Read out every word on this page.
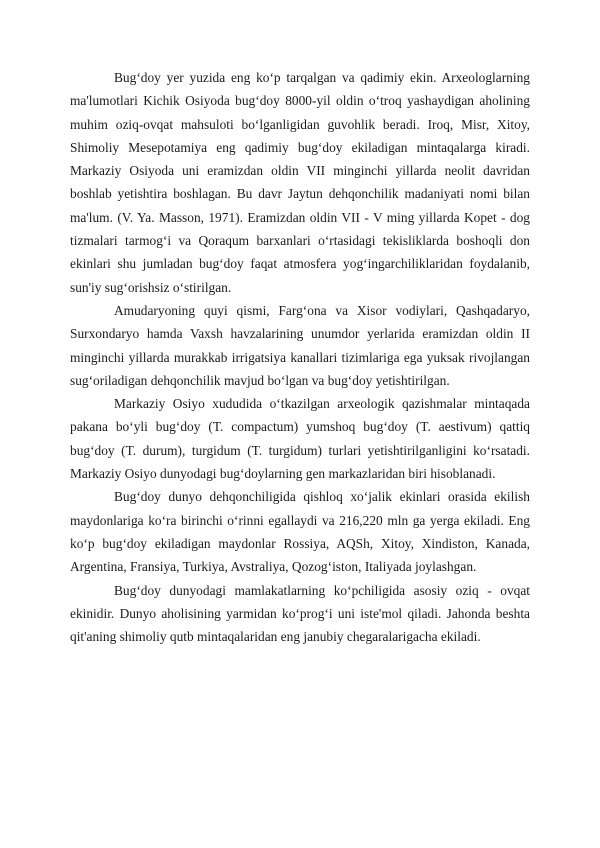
Bug‘doy yer yuzida eng ko‘p tarqalgan va qadimiy ekin. Arxeologlarning ma'lumotlari Kichik Osiyoda bug‘doy 8000-yil oldin o‘troq yashaydigan aholining muhim oziq-ovqat mahsuloti bo‘lganligidan guvohlik beradi. Iroq, Misr, Xitoy, Shimoliy Mesepotamiya eng qadimiy bug‘doy ekiladigan mintaqalarga kiradi. Markaziy Osiyoda uni eramizdan oldin VII minginchi yillarda neolit davridan boshlab yetishtira boshlagan. Bu davr Jaytun dehqonchilik madaniyati nomi bilan ma'lum. (V. Ya. Masson, 1971). Eramizdan oldin VII - V ming yillarda Kopet - dog tizmalari tarmog‘i va Qoraqum barxanlari o‘rtasidagi tekisliklarda boshoqli don ekinlari shu jumladan bug‘doy faqat atmosfera yog‘ingarchiliklaridan foydalanib, sun'iy sug‘orishsiz o‘stirilgan.

Amudaryoning quyi qismi, Farg‘ona va Xisor vodiylari, Qashqadaryo, Surxondaryo hamda Vaxsh havzalarining unumdor yerlarida eramizdan oldin II minginchi yillarda murakkab irrigatsiya kanallari tizimlariga ega yuksak rivojlangan sug‘oriladigan dehqonchilik mavjud bo‘lgan va bug‘doy yetishtirilgan.

Markaziy Osiyo xududida o‘tkazilgan arxeologik qazishmalar mintaqada pakana bo‘yli bug‘doy (T. compactum) yumshoq bug‘doy (T. aestivum) qattiq bug‘doy (T. durum), turgidum (T. turgidum) turlari yetishtirilganligini ko‘rsatadi. Markaziy Osiyo dunyodagi bug‘doylarning gen markazlaridan biri hisoblanadi.

Bug‘doy dunyo dehqonchiligida qishloq xo‘jalik ekinlari orasida ekilish maydonlariga ko‘ra birinchi o‘rinni egallaydi va 216,220 mln ga yerga ekiladi. Eng ko‘p bug‘doy ekiladigan maydonlar Rossiya, AQSh, Xitoy, Xindiston, Kanada, Argentina, Fransiya, Turkiya, Avstraliya, Qozog‘iston, Italiyada joylashgan.

Bug‘doy dunyodagi mamlakatlarning ko‘pchiligida asosiy oziq - ovqat ekinidir. Dunyo aholisining yarmidan ko‘prog‘i uni iste'mol qiladi. Jahonda beshta qit'aning shimoliy qutb mintaqalaridan eng janubiy chegaralarigacha ekiladi.
